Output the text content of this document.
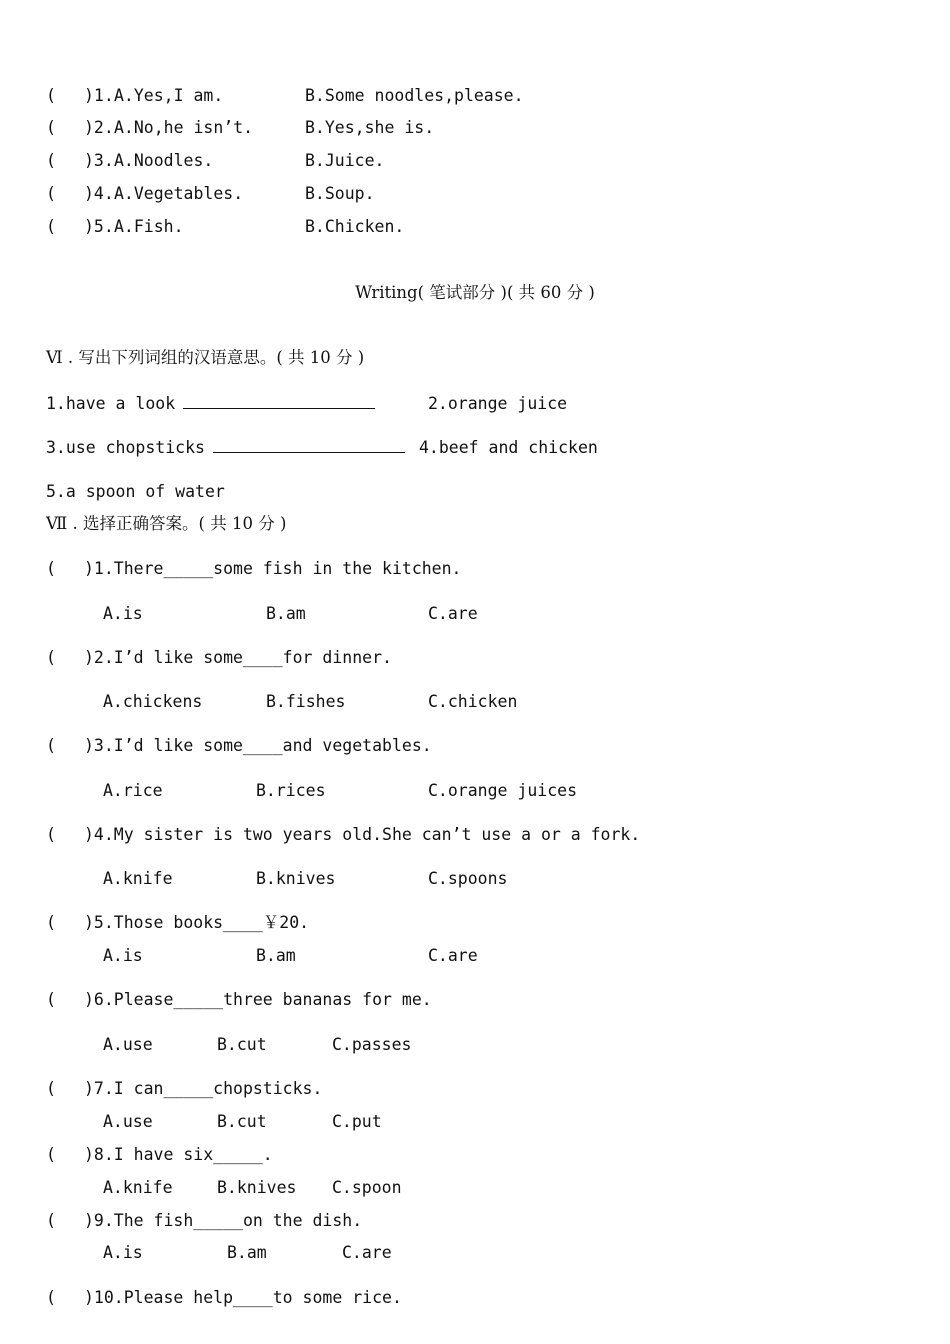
( )1. A.Yes,I am.	B.Some noodles,please.
( )2. A.No,he isn’t.	B.Yes,she is.
( )3. A.Noodles.	B.Juice.
( )4. A.Vegetables.	B.Soup.
( )5. A.Fish.	B.Chicken.
Writing( 笔试部分 )( 共 60 分 )
Ⅵ . 写出下列词组的汉语意思。( 共 10 分 )
1.have a look	2.orange juice
3.use chopsticks	4.beef and chicken
5.a spoon of water
Ⅶ . 选择正确答案。( 共 10 分 )
( )1.There_____some fish in the kitchen.
A.is	B.am	C.are
( )2.I’d like some____for dinner.
A.chickens	B.fishes	C.chicken
( )3.I’d like some____and vegetables.
A.rice	B.rices	C.orange juices
( )4.My sister is two years old.She can’t use a or a fork.
A.knife	B.knives	C.spoons
( )5.Those books____￥20.
A.is	B.am	C.are
( )6.Please_____three bananas for me.
A.use	B.cut	C.passes
( )7.I can_____chopsticks.
A.use	B.cut	C.put
( )8.I have six_____.
A.knife	B.knives C.spoon
( )9.The fish_____on the dish.
A.is	B.am	C.are
( )10.Please help____to some rice.
